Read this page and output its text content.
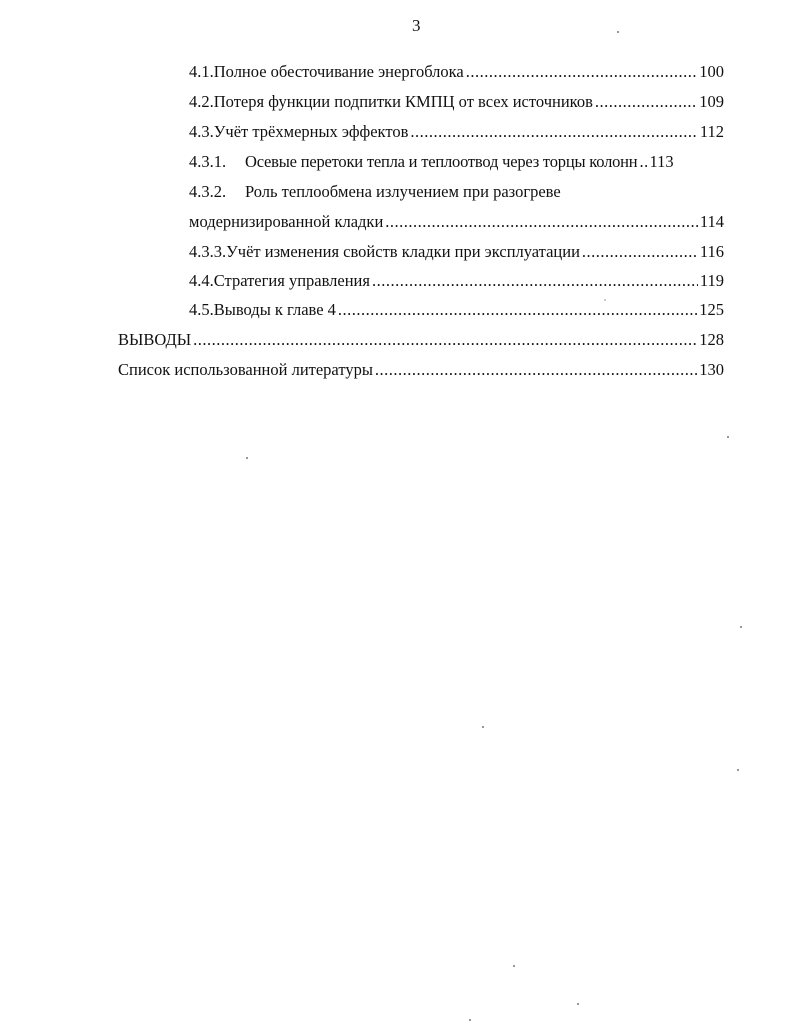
3
4.1. Полное обесточивание энергоблока .....	100
4.2. Потеря функции подпитки КМПЦ от всех источников .....	109
4.3. Учёт трёхмерных эффектов .....	112
4.3.1.	Осевые перетоки тепла и теплоотвод через торцы колонн ..... 113
4.3.2.	Роль теплообмена излучением при разогреве
модернизированной кладки .....	114
4.3.3. Учёт изменения свойств кладки при эксплуатации .....	116
4.4. Стратегия управления .....	119
4.5. Выводы к главе 4 .....	125
ВЫВОДЫ .....	128
Список использованной литературы .....	130
